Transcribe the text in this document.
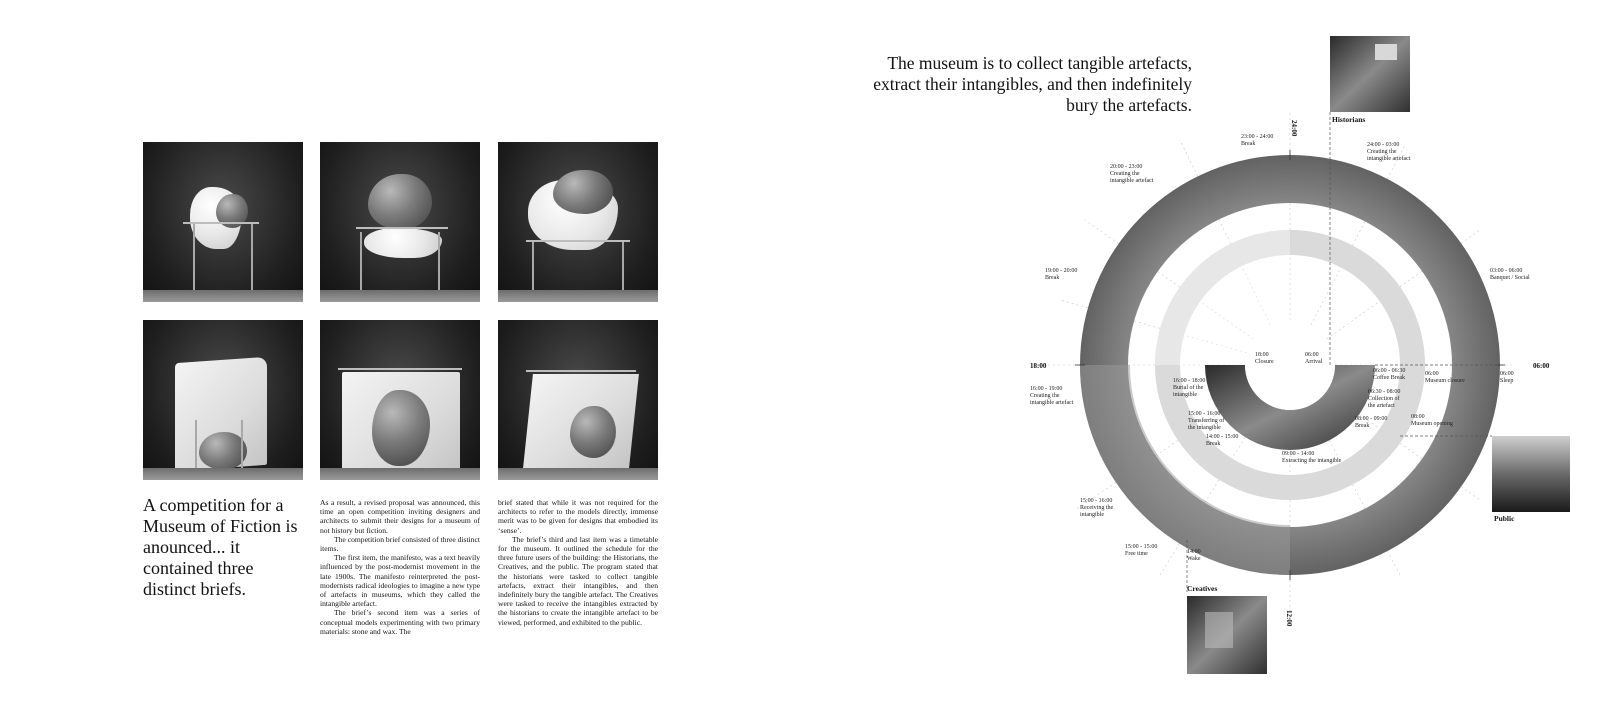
A competition for a Museum of Fiction is anounced... it contained three distinct briefs.

As a result, a revised proposal was announced, this time an open competition inviting designers and architects to submit their designs for a museum of not history but fiction.

The competition brief consisted of three distinct items.

The first item, the manifesto, was a text heavily influenced by the post-modernist movement in the late 1900s. The manifesto reinterpreted the post-modernists radical ideologies to imagine a new type of artefacts in museums, which they called the intangible artefact.

The brief’s second item was a series of conceptual models experimenting with two primary materials: stone and wax. The

brief stated that while it was not required for the architects to refer to the models directly, immense merit was to be given for designs that embodied its ‘sense’.

The brief’s third and last item was a timetable for the museum. It outlined the schedule for the three future users of the building: the Historians, the Creatives, and the public. The program stated that the historians were tasked to collect tangible artefacts, extract their intangibles, and then indefinitely bury the tangible artefact. The Creatives were tasked to receive the intangibles extracted by the historians to create the intangible artefact to be viewed, performed, and exhibited to the public.

The museum is to collect tangible artefacts, extract their intangibles, and then indefinitely bury the artefacts.
24:00
06:00
12:00
18:00
23:00 - 24:00 Break	24:00 - 03:00 Creating the intangible artefact
20:00 - 23:00 Creating the intangible artefact
03:00 - 06:00 Banquet / Social
19:00 - 20:00 Break
16:00 - 19:00 Creating the intangible artefact
15:00 - 16:00 Receiving the intangible
15:00 - 15:00 Free time	14:00 Wake
06:00 Sleep
06:00 Museum closure
08:00 Museum opening
18:00 Closure
06:00 Arrival
06:00 - 06:30 Coffee Break
06:30 - 08:00 Collection of the artefact
08:00 - 09:00 Break
09:00 - 14:00 Extracting the intangible
14:00 - 15:00 Break
15:00 - 16:00 Transferring of the intangible
16:00 - 18:00 Burial of the intangible
Historians
Public
Creatives
